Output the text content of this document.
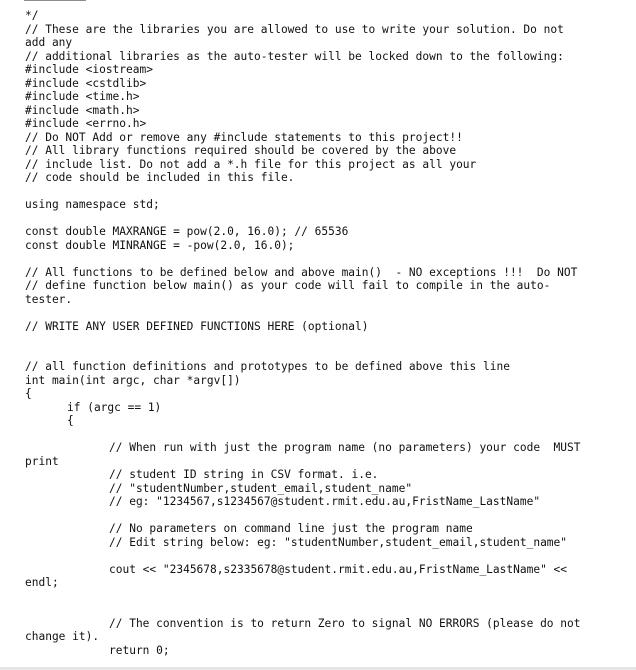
*/
// These are the libraries you are allowed to use to write your solution. Do not
add any
// additional libraries as the auto-tester will be locked down to the following:
#include <iostream>
#include <cstdlib>
#include <time.h>
#include <math.h>
#include <errno.h>
// Do NOT Add or remove any #include statements to this project!!
// All library functions required should be covered by the above
// include list. Do not add a *.h file for this project as all your
// code should be included in this file.
using namespace std;
const double MAXRANGE = pow(2.0, 16.0); // 65536
const double MINRANGE = -pow(2.0, 16.0);
// All functions to be defined below and above main()  - NO exceptions !!!  Do NOT
// define function below main() as your code will fail to compile in the auto-
tester.
// WRITE ANY USER DEFINED FUNCTIONS HERE (optional)
// all function definitions and prototypes to be defined above this line
int main(int argc, char *argv[])
{
if (argc == 1)
{
// When run with just the program name (no parameters) your code  MUST
print
// student ID string in CSV format. i.e.
// "studentNumber,student_email,student_name"
// eg: "1234567,s1234567@student.rmit.edu.au,FristName_LastName"
// No parameters on command line just the program name
// Edit string below: eg: "studentNumber,student_email,student_name"
cout << "2345678,s2335678@student.rmit.edu.au,FristName_LastName" <<
endl;
// The convention is to return Zero to signal NO ERRORS (please do not
change it).
return 0;
